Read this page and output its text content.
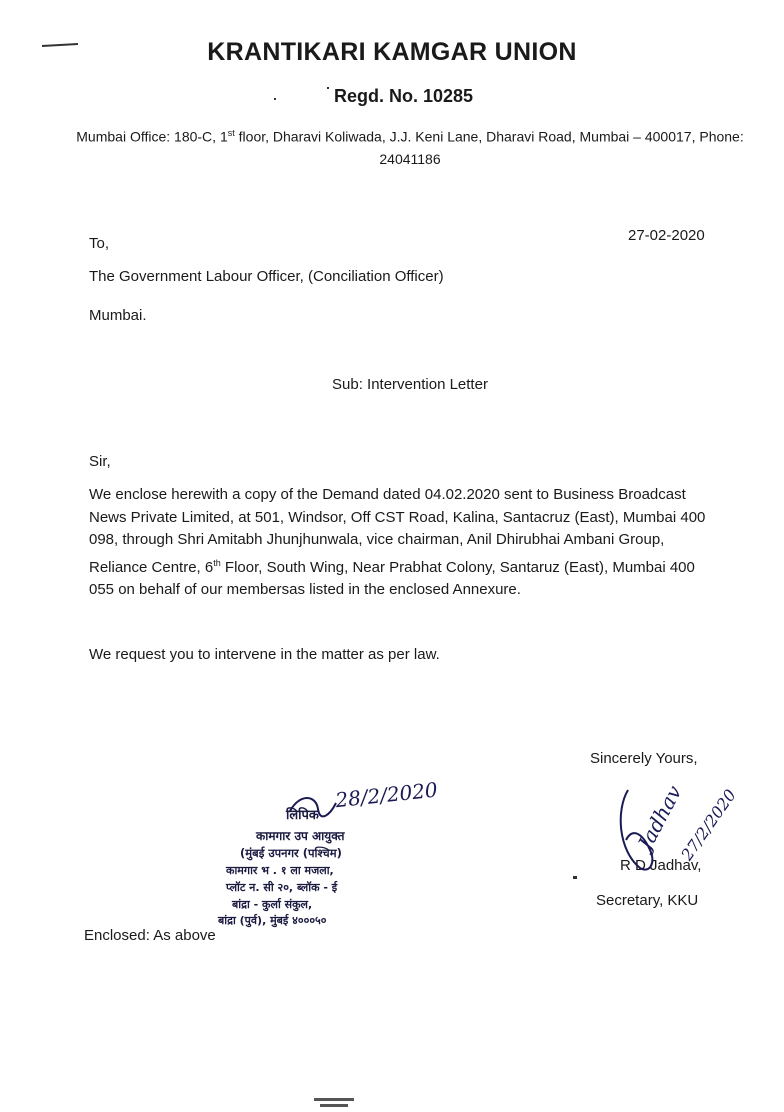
KRANTIKARI KAMGAR UNION
Regd. No. 10285
Mumbai Office: 180-C, 1st floor, Dharavi Koliwada, J.J. Keni Lane, Dharavi Road, Mumbai – 400017, Phone: 24041186
27-02-2020
To,
The Government Labour Officer, (Conciliation Officer)
Mumbai.
Sub: Intervention Letter
Sir,
We enclose herewith a copy of the Demand dated 04.02.2020 sent to Business Broadcast News Private Limited, at 501, Windsor, Off CST Road, Kalina, Santacruz (East), Mumbai 400 098, through Shri Amitabh Jhunjhunwala, vice chairman, Anil Dhirubhai Ambani Group, Reliance Centre, 6th Floor, South Wing, Near Prabhat Colony, Santaruz (East), Mumbai 400 055 on behalf of our membersas listed in the enclosed Annexure.
We request you to intervene in the matter as per law.
Sincerely Yours,
R D Jadhav,
Secretary, KKU
Enclosed: As above
लिपिक
कामगार उप आयुक्त
(मुंबई उपनगर (पश्चिम)
कामगार भ . १ ला मजला,
प्लॉट न. सी २०, ब्लॉक - ई
बांद्रा - कुर्ला संकुल,
बांद्रा (पुर्व), मुंबई ४०००५०
28/2/2020	Jadhav
27/2/2020
